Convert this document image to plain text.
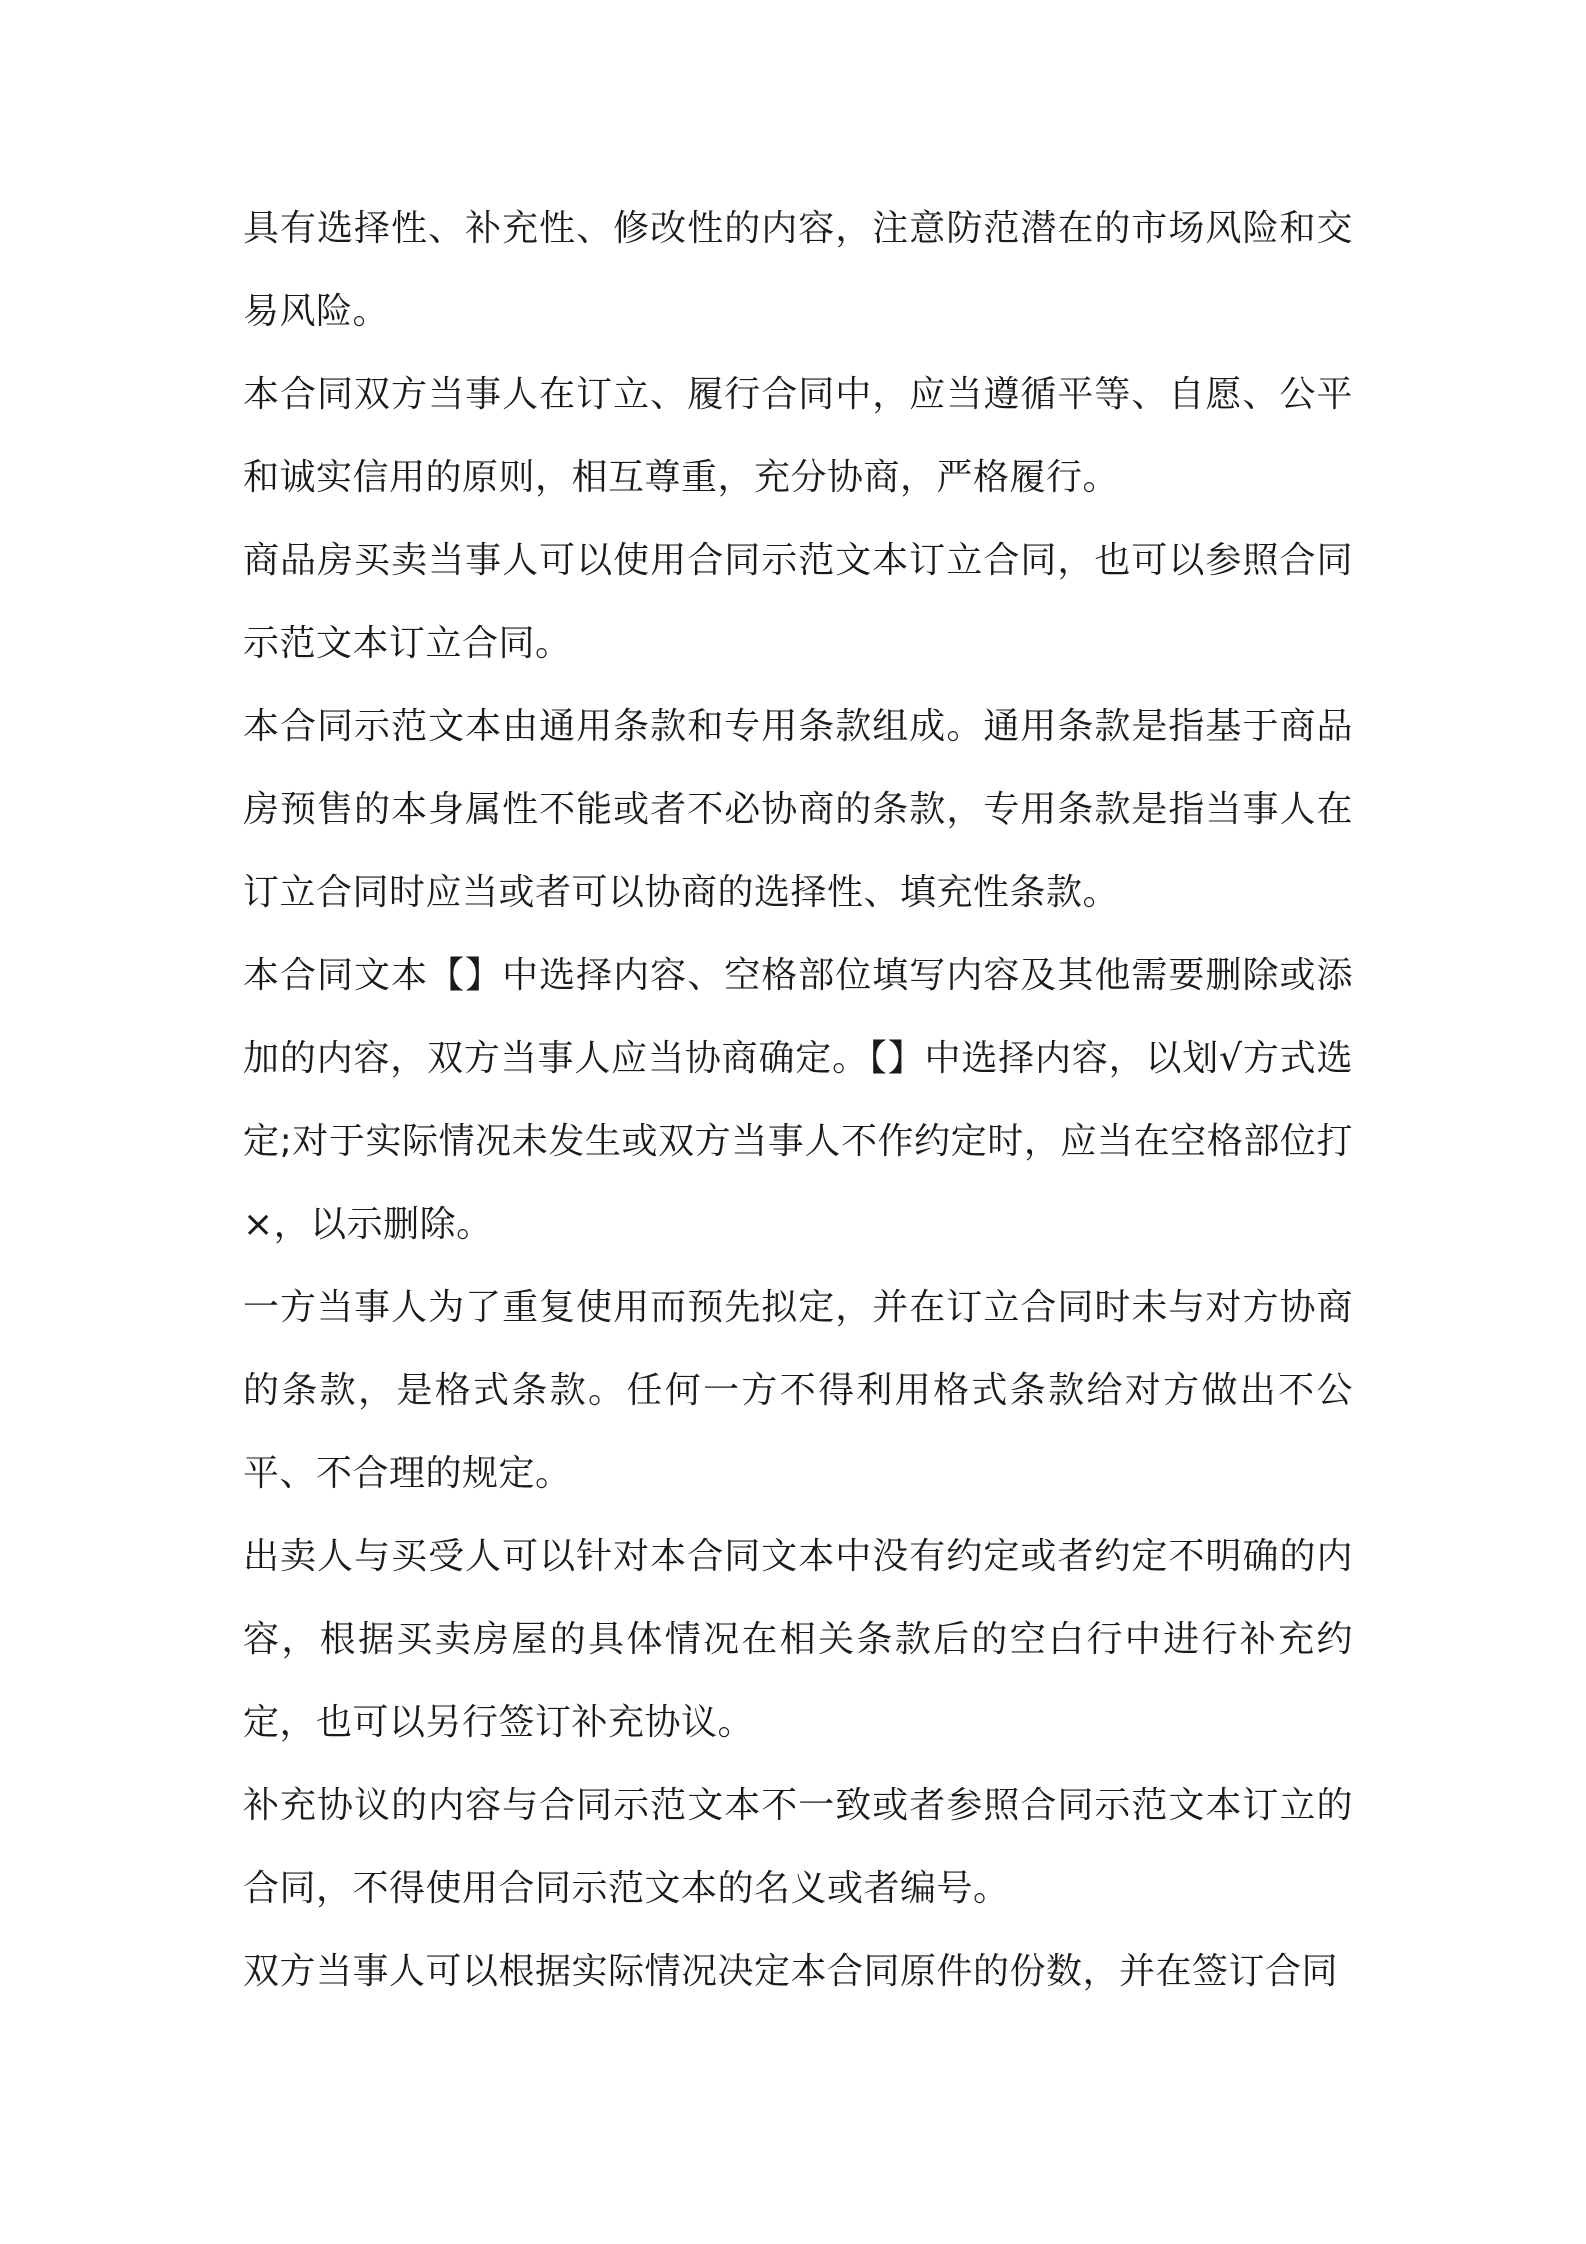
具有选择性、补充性、修改性的内容，注意防范潜在的市场风险和交易风险。

本合同双方当事人在订立、履行合同中，应当遵循平等、自愿、公平和诚实信用的原则，相互尊重，充分协商，严格履行。

商品房买卖当事人可以使用合同示范文本订立合同，也可以参照合同示范文本订立合同。

本合同示范文本由通用条款和专用条款组成。通用条款是指基于商品房预售的本身属性不能或者不必协商的条款，专用条款是指当事人在订立合同时应当或者可以协商的选择性、填充性条款。

本合同文本【】中选择内容、空格部位填写内容及其他需要删除或添加的内容，双方当事人应当协商确定。【】中选择内容，以划√方式选定;对于实际情况未发生或双方当事人不作约定时，应当在空格部位打×，以示删除。

一方当事人为了重复使用而预先拟定，并在订立合同时未与对方协商的条款，是格式条款。任何一方不得利用格式条款给对方做出不公平、不合理的规定。

出卖人与买受人可以针对本合同文本中没有约定或者约定不明确的内容，根据买卖房屋的具体情况在相关条款后的空白行中进行补充约定，也可以另行签订补充协议。

补充协议的内容与合同示范文本不一致或者参照合同示范文本订立的合同，不得使用合同示范文本的名义或者编号。

双方当事人可以根据实际情况决定本合同原件的份数，并在签订合同
